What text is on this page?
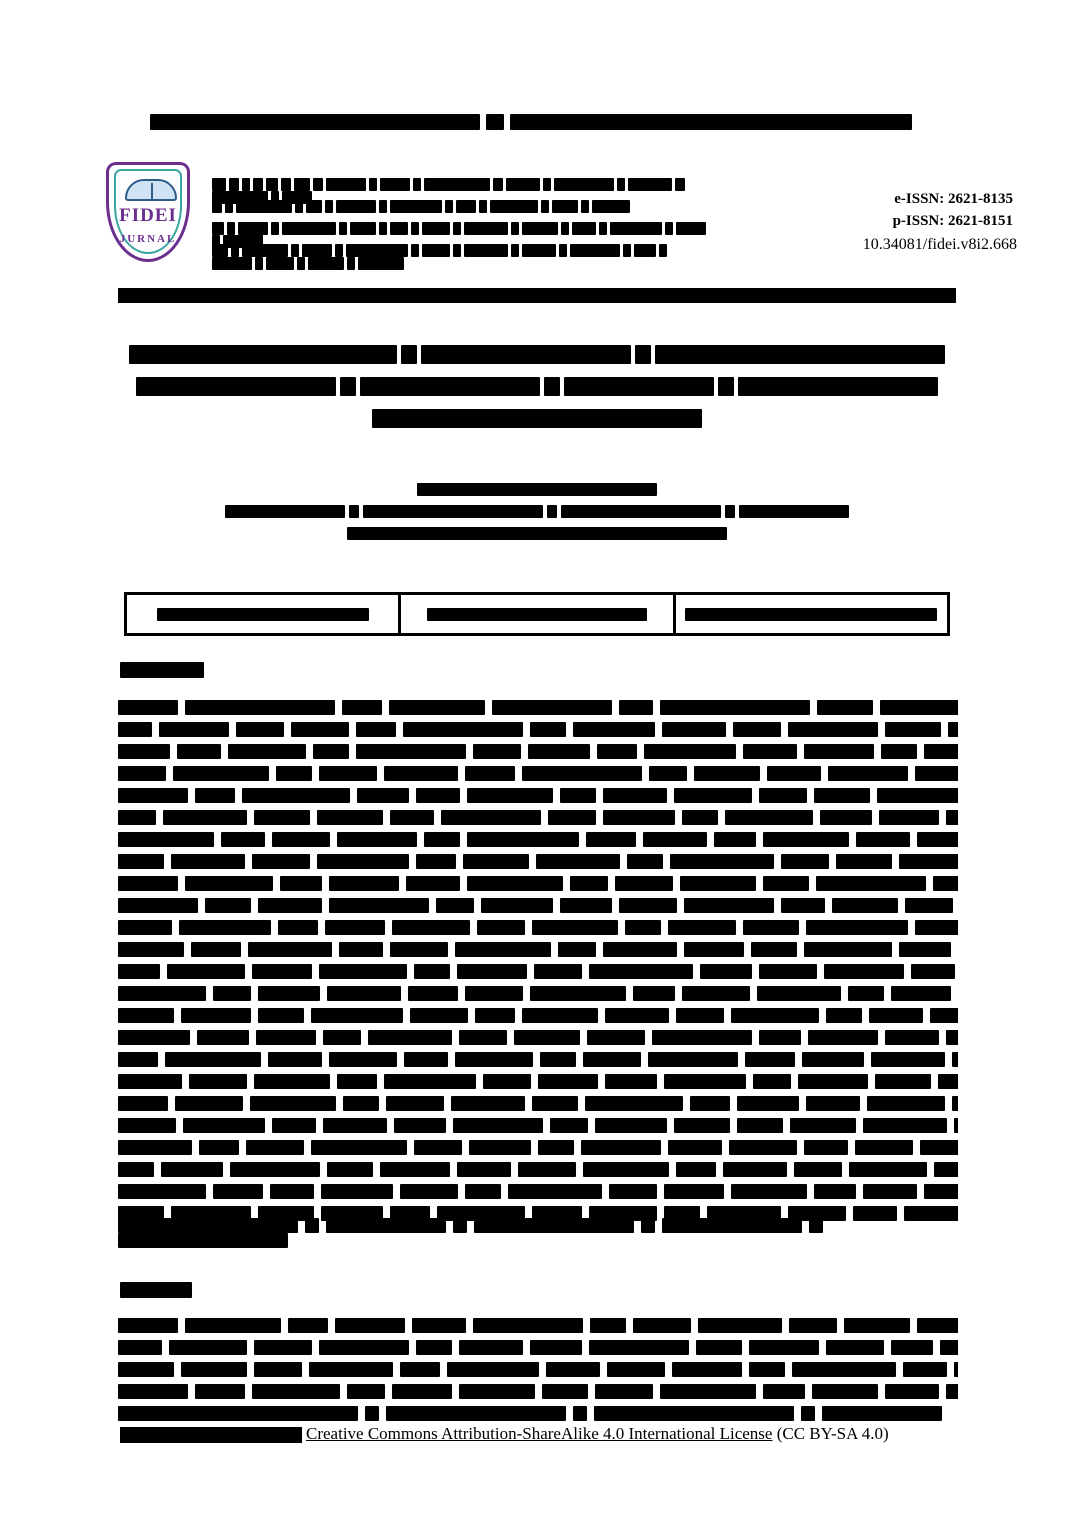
FIDEI
JURNAL
e-ISSN: 2621-8135
p-ISSN: 2621-8151
10.34081/fidei.v8i2.668
Creative Commons Attribution-ShareAlike 4.0 International License (CC BY-SA 4.0)
